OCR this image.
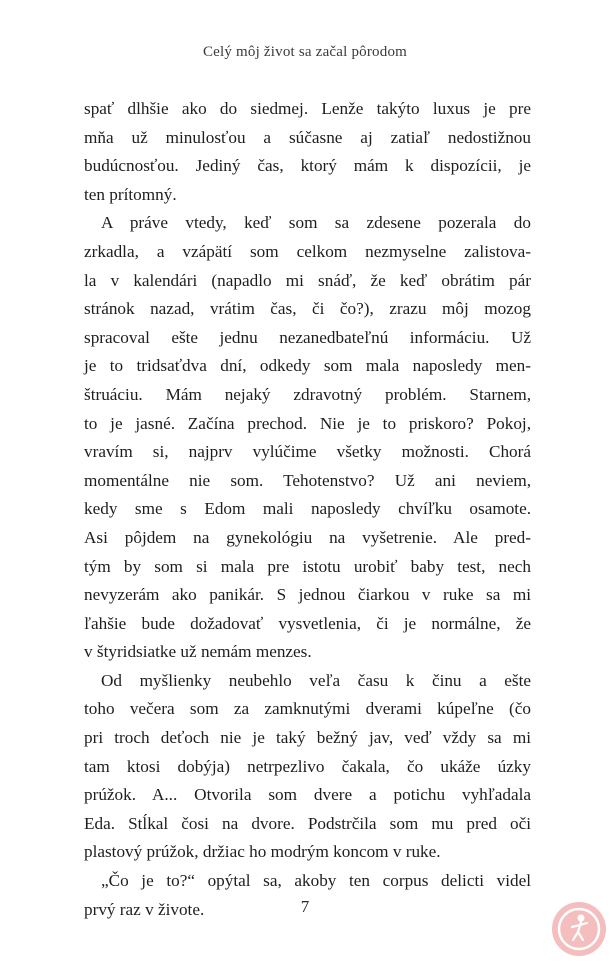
Celý môj život sa začal pôrodom
spať dlhšie ako do siedmej. Lenže takýto luxus je pre
mňa už minulosťou a súčasne aj zatiaľ nedostižnou
budúcnosťou. Jediný čas, ktorý mám k dispozícii, je
ten prítomný.
A práve vtedy, keď som sa zdesene pozerala do
zrkadla, a vzápätí som celkom nezmyselne zalistova-
la v kalendári (napadlo mi snáď, že keď obrátim pár
stránok nazad, vrátim čas, či čo?), zrazu môj mozog
spracoval ešte jednu nezanedbateľnú informáciu. Už
je to tridsaťdva dní, odkedy som mala naposledy men-
štruáciu. Mám nejaký zdravotný problém. Starnem,
to je jasné. Začína prechod. Nie je to priskoro? Pokoj,
vravím si, najprv vylúčime všetky možnosti. Chorá
momentálne nie som. Tehotenstvo? Už ani neviem,
kedy sme s Edom mali naposledy chvíľku osamote.
Asi pôjdem na gynekológiu na vyšetrenie. Ale pred-
tým by som si mala pre istotu urobiť baby test, nech
nevyzerám ako panikár. S jednou čiarkou v ruke sa mi
ľahšie bude dožadovať vysvetlenia, či je normálne, že
v štyridsiatke už nemám menzes.
Od myšlienky neubehlo veľa času k činu a ešte
toho večera som za zamknutými dverami kúpeľne (čo
pri troch deťoch nie je taký bežný jav, veď vždy sa mi
tam ktosi dobýja) netrpezlivo čakala, čo ukáže úzky
prúžok. A... Otvorila som dvere a potichu vyhľadala
Eda. Stĺkal čosi na dvore. Podstrčila som mu pred oči
plastový prúžok, držiac ho modrým koncom v ruke.
„Čo je to?“ opýtal sa, akoby ten corpus delicti videl
prvý raz v živote.	7
